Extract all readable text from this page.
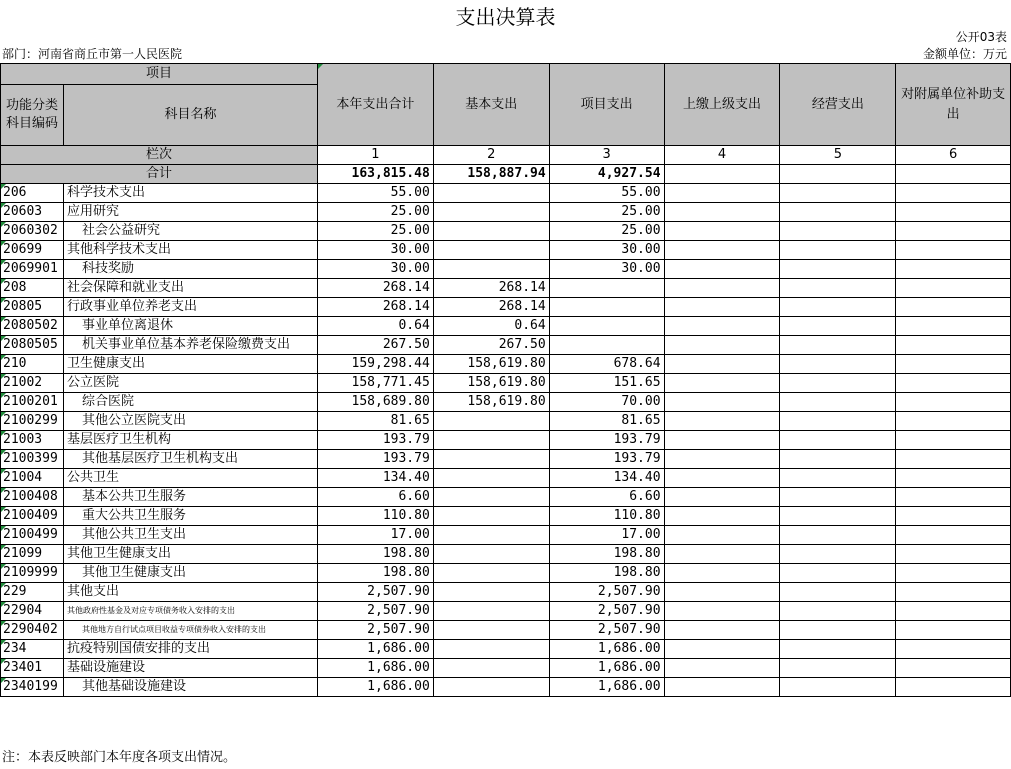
支出决算表
公开03表
部门：河南省商丘市第一人民医院	金额单位：万元
项目		本年支出合计	基本支出	项目支出	上缴上级支出	经营支出	对附属单位补助支出
功能分类科目编码	科目名称						
栏次		1	2	3	4	5	6
合计		163,815.48	158,887.94	4,927.54			
206	科学技术支出	55.00		55.00			
20603	应用研究	25.00		25.00			
2060302	社会公益研究	25.00		25.00			
20699	其他科学技术支出	30.00		30.00			
2069901	科技奖励	30.00		30.00			
208	社会保障和就业支出	268.14	268.14				
20805	行政事业单位养老支出	268.14	268.14				
2080502	事业单位离退休	0.64	0.64				
2080505	机关事业单位基本养老保险缴费支出	267.50	267.50				
210	卫生健康支出	159,298.44	158,619.80	678.64			
21002	公立医院	158,771.45	158,619.80	151.65			
2100201	综合医院	158,689.80	158,619.80	70.00			
2100299	其他公立医院支出	81.65		81.65			
21003	基层医疗卫生机构	193.79		193.79			
2100399	其他基层医疗卫生机构支出	193.79		193.79			
21004	公共卫生	134.40		134.40			
2100408	基本公共卫生服务	6.60		6.60			
2100409	重大公共卫生服务	110.80		110.80			
2100499	其他公共卫生支出	17.00		17.00			
21099	其他卫生健康支出	198.80		198.80			
2109999	其他卫生健康支出	198.80		198.80			
229	其他支出	2,507.90		2,507.90			
22904	其他政府性基金及对应专项债务收入安排的支出	2,507.90		2,507.90			
2290402	其他地方自行试点项目收益专项债券收入安排的支出	2,507.90		2,507.90			
234	抗疫特别国债安排的支出	1,686.00		1,686.00			
23401	基础设施建设	1,686.00		1,686.00			
2340199	其他基础设施建设	1,686.00		1,686.00			
注：本表反映部门本年度各项支出情况。
